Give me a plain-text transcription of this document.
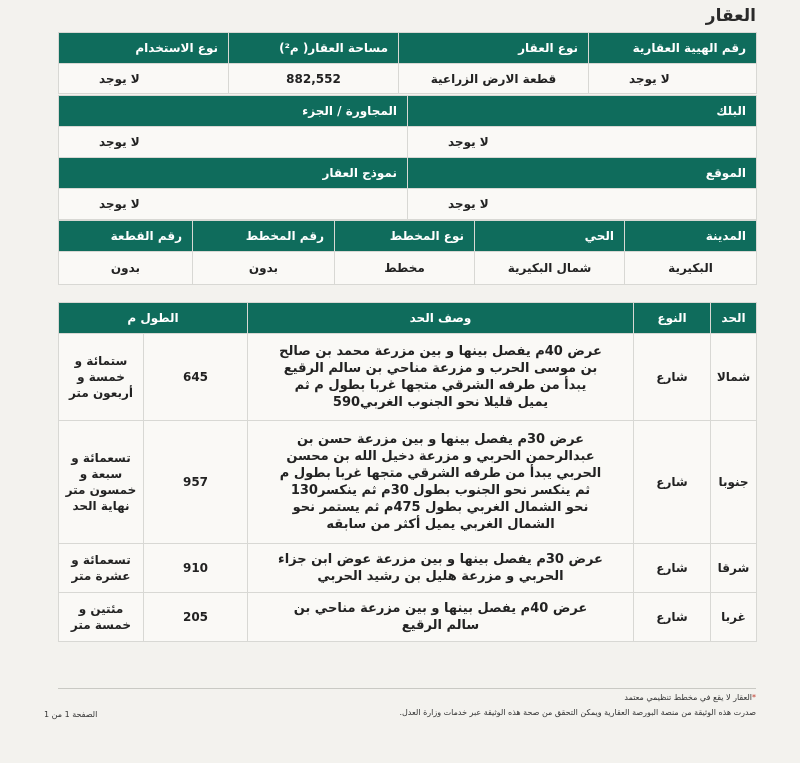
العقار
رقم الهيية العقارية	نوع العقار	مساحة العقار( م²)	نوع الاستخدام
لا يوجد	قطعة الارض الزراعية	882,552	لا يوجد
البلك	المجاورة / الجزء
لا يوجد	لا يوجد
الموقع	نموذج العقار
لا يوجد	لا يوجد
المدينة	الحي	نوع المخطط	رقم المخطط	رقم القطعة
البكيرية	شمال البكيرية	مخطط	بدون	بدون
الحد	النوع	وصف الحد	الطول م	
شمالا	شارع	عرض 40م يفصل بينها و بين مزرعة محمد بن صالح بن موسى الحرب و مزرعة مناحي بن سالم الرقيع يبدأ من طرفه الشرقي متجها غربا بطول م ثم يميل قليلا نحو الجنوب الغربي590	645	ستمائة و خمسة و أربعون متر
جنوبا	شارع	عرض 30م يفصل بينها و بين مزرعة حسن بن عبدالرحمن الحربي و مزرعة دخيل الله بن محسن الحربي يبدأ من طرفه الشرقي متجها غربا بطول م ثم ينكسر نحو الجنوب بطول 30م ثم ينكسر130 نحو الشمال الغربي بطول 475م ثم يستمر نحو الشمال الغربي يميل أكثر من سابقه	957	تسعمائة و سبعة و خمسون متر نهاية الحد
شرقا	شارع	عرض 30م يفصل بينها و بين مزرعة عوض ابن جزاء الحربي و مزرعة هليل بن رشيد الحربي	910	تسعمائة و عشرة متر
غربا	شارع	عرض 40م يفصل بينها و بين مزرعة مناحي بن سالم الرقيع	205	مئتين و خمسة متر
*العقار لا يقع في مخطط تنظيمي معتمد
صدرت هذه الوثيقة من منصة البورصة العقارية ويمكن التحقق من صحة هذه الوثيقة عبر خدمات وزارة العدل.
الصفحة 1 من 1
